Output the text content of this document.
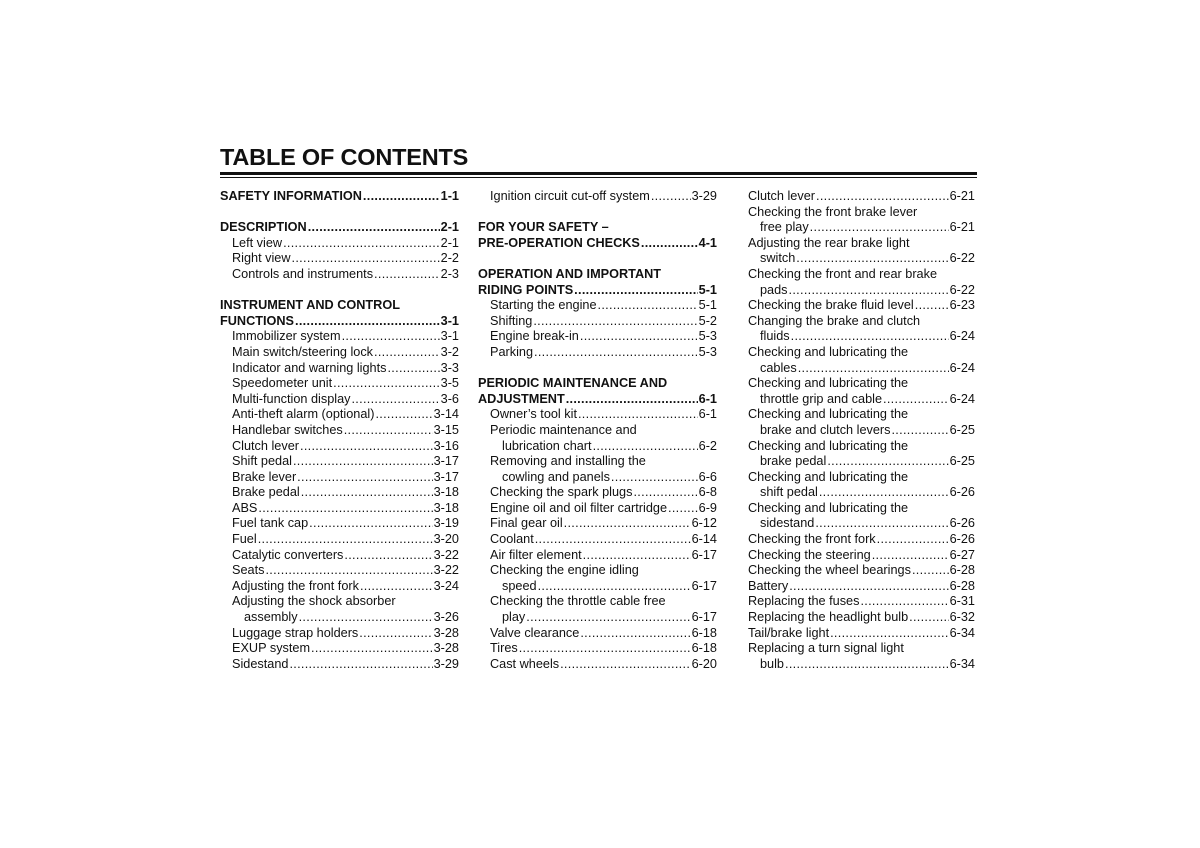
TABLE OF CONTENTS
SAFETY INFORMATION .....	1-1
DESCRIPTION .....	2-1
Left view .....	2-1
Right view .....	2-2
Controls and instruments .....	2-3
INSTRUMENT AND CONTROL
FUNCTIONS .....	3-1
Immobilizer system .....	3-1
Main switch/steering lock .....	3-2
Indicator and warning lights .....	3-3
Speedometer unit .....	3-5
Multi-function display .....	3-6
Anti-theft alarm (optional) .....	3-14
Handlebar switches .....	3-15
Clutch lever .....	3-16
Shift pedal .....	3-17
Brake lever .....	3-17
Brake pedal .....	3-18
ABS .....	3-18
Fuel tank cap .....	3-19
Fuel .....	3-20
Catalytic converters .....	3-22
Seats .....	3-22
Adjusting the front fork .....	3-24
Adjusting the shock absorber
assembly .....	3-26
Luggage strap holders .....	3-28
EXUP system .....	3-28
Sidestand .....	3-29
Ignition circuit cut-off system .....	3-29
FOR YOUR SAFETY –
PRE-OPERATION CHECKS .....	4-1
OPERATION AND IMPORTANT
RIDING POINTS .....	5-1
Starting the engine .....	5-1
Shifting .....	5-2
Engine break-in .....	5-3
Parking .....	5-3
PERIODIC MAINTENANCE AND
ADJUSTMENT .....	6-1
Owner’s tool kit .....	6-1
Periodic maintenance and
lubrication chart .....	6-2
Removing and installing the
cowling and panels .....	6-6
Checking the spark plugs .....	6-8
Engine oil and oil filter cartridge ..... 6-9
Final gear oil .....	6-12
Coolant .....	6-14
Air filter element .....	6-17
Checking the engine idling
speed .....	6-17
Checking the throttle cable free
play .....	6-17
Valve clearance .....	6-18
Tires .....	6-18
Cast wheels .....	6-20
Clutch lever .....	6-21
Checking the front brake lever
free play .....	6-21
Adjusting the rear brake light
switch .....	6-22
Checking the front and rear brake
pads .....	6-22
Checking the brake fluid level .....	6-23
Changing the brake and clutch
fluids .....	6-24
Checking and lubricating the
cables .....	6-24
Checking and lubricating the
throttle grip and cable .....	6-24
Checking and lubricating the
brake and clutch levers .....	6-25
Checking and lubricating the
brake pedal .....	6-25
Checking and lubricating the
shift pedal .....	6-26
Checking and lubricating the
sidestand .....	6-26
Checking the front fork .....	6-26
Checking the steering .....	6-27
Checking the wheel bearings .....	6-28
Battery .....	6-28
Replacing the fuses .....	6-31
Replacing the headlight bulb .....	6-32
Tail/brake light .....	6-34
Replacing a turn signal light
bulb .....	6-34
